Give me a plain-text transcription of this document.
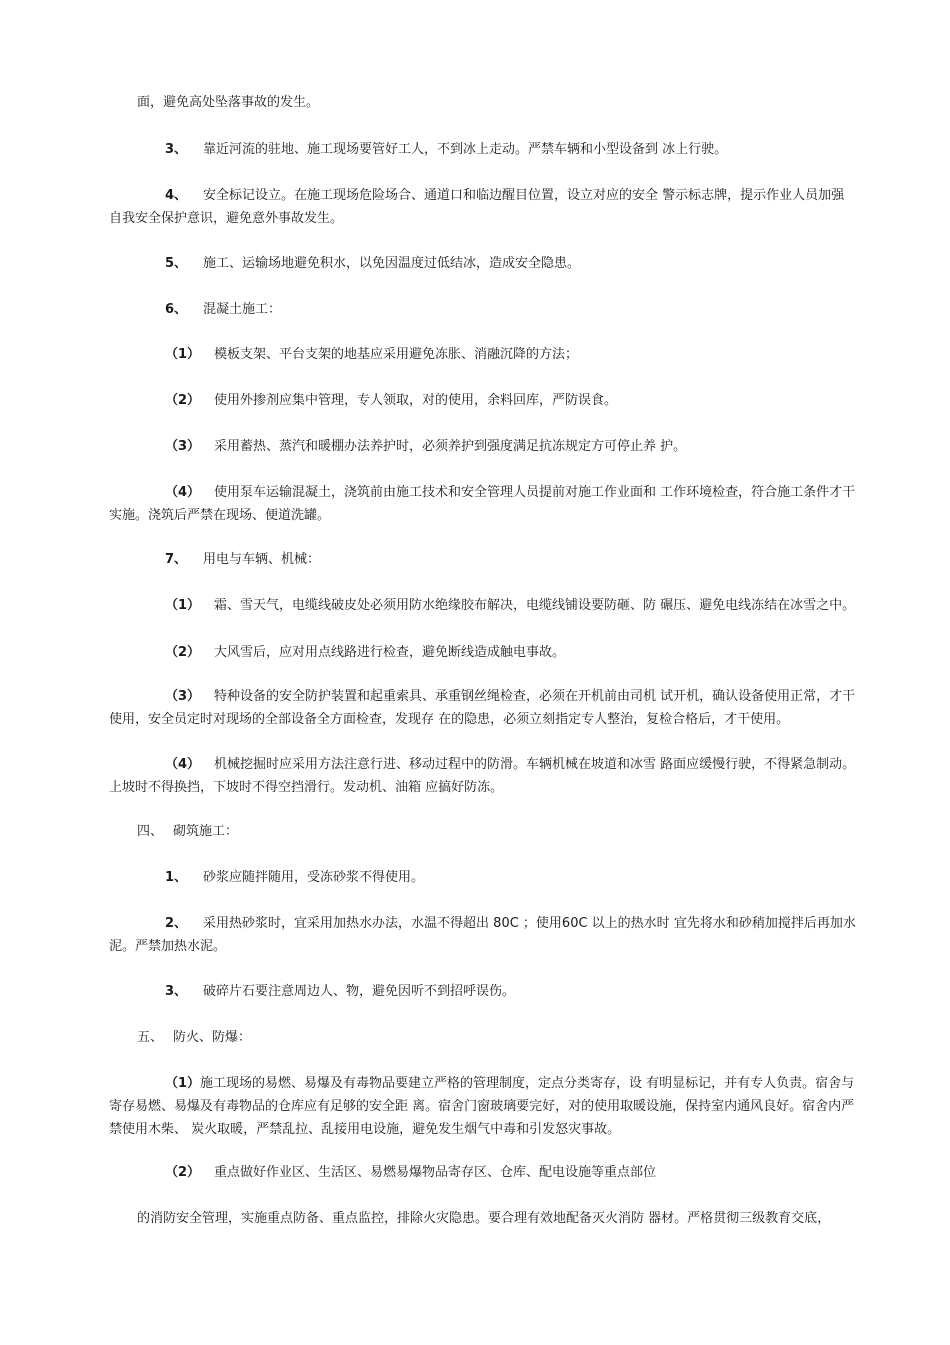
面，避免高处坠落事故的发生。

3、 靠近河流的驻地、施工现场要管好工人，不到冰上走动。严禁车辆和小型设备到 冰上行驶。

4、 安全标记设立。在施工现场危险场合、通道口和临边醒目位置，设立对应的安全 警示标志牌，提示作业人员加强自我安全保护意识，避免意外事故发生。

5、 施工、运输场地避免积水，以免因温度过低结冰，造成安全隐患。

6、 混凝土施工：

（1） 模板支架、平台支架的地基应采用避免冻胀、消融沉降的方法；

（2） 使用外掺剂应集中管理，专人领取，对的使用，余料回库，严防误食。

（3） 采用蓄热、蒸汽和暖棚办法养护时，必须养护到强度满足抗冻规定方可停止养 护。

（4） 使用泵车运输混凝土，浇筑前由施工技术和安全管理人员提前对施工作业面和 工作环境检查，符合施工条件才干实施。浇筑后严禁在现场、便道洗罐。

7、 用电与车辆、机械：

（1） 霜、雪天气，电缆线破皮处必须用防水绝缘胶布解决，电缆线铺设要防砸、防 碾压、避免电线冻结在冰雪之中。

（2） 大风雪后，应对用点线路进行检查，避免断线造成触电事故。

（3） 特种设备的安全防护装置和起重索具、承重钢丝绳检查，必须在开机前由司机 试开机，确认设备使用正常，才干使用，安全员定时对现场的全部设备全方面检查，发现存 在的隐患，必须立刻指定专人整治，复检合格后，才干使用。

（4） 机械挖掘时应采用方法注意行进、移动过程中的防滑。车辆机械在坡道和冰雪 路面应缓慢行驶，不得紧急制动。上坡时不得换挡，下坡时不得空挡滑行。发动机、油箱 应搞好防冻。

四、 砌筑施工：

1、 砂浆应随拌随用，受冻砂浆不得使用。

2、 采用热砂浆时，宜采用加热水办法，水温不得超出 80C ；使用60C 以上的热水时 宜先将水和砂稍加搅拌后再加水泥。严禁加热水泥。

3、 破碎片石要注意周边人、物，避免因听不到招呼误伤。

五、 防火、防爆：

（1）施工现场的易燃、易爆及有毒物品要建立严格的管理制度，定点分类寄存，设 有明显标记，并有专人负责。宿舍与寄存易燃、易爆及有毒物品的仓库应有足够的安全距 离。宿舍门窗玻璃要完好，对的使用取暖设施，保持室内通风良好。宿舍内严禁使用木柴、 炭火取暖，严禁乱拉、乱接用电设施，避免发生烟气中毒和引发怒灾事故。

（2） 重点做好作业区、生活区、易燃易爆物品寄存区、仓库、配电设施等重点部位

的消防安全管理，实施重点防备、重点监控，排除火灾隐患。要合理有效地配备灭火消防 器材。严格贯彻三级教育交底，
